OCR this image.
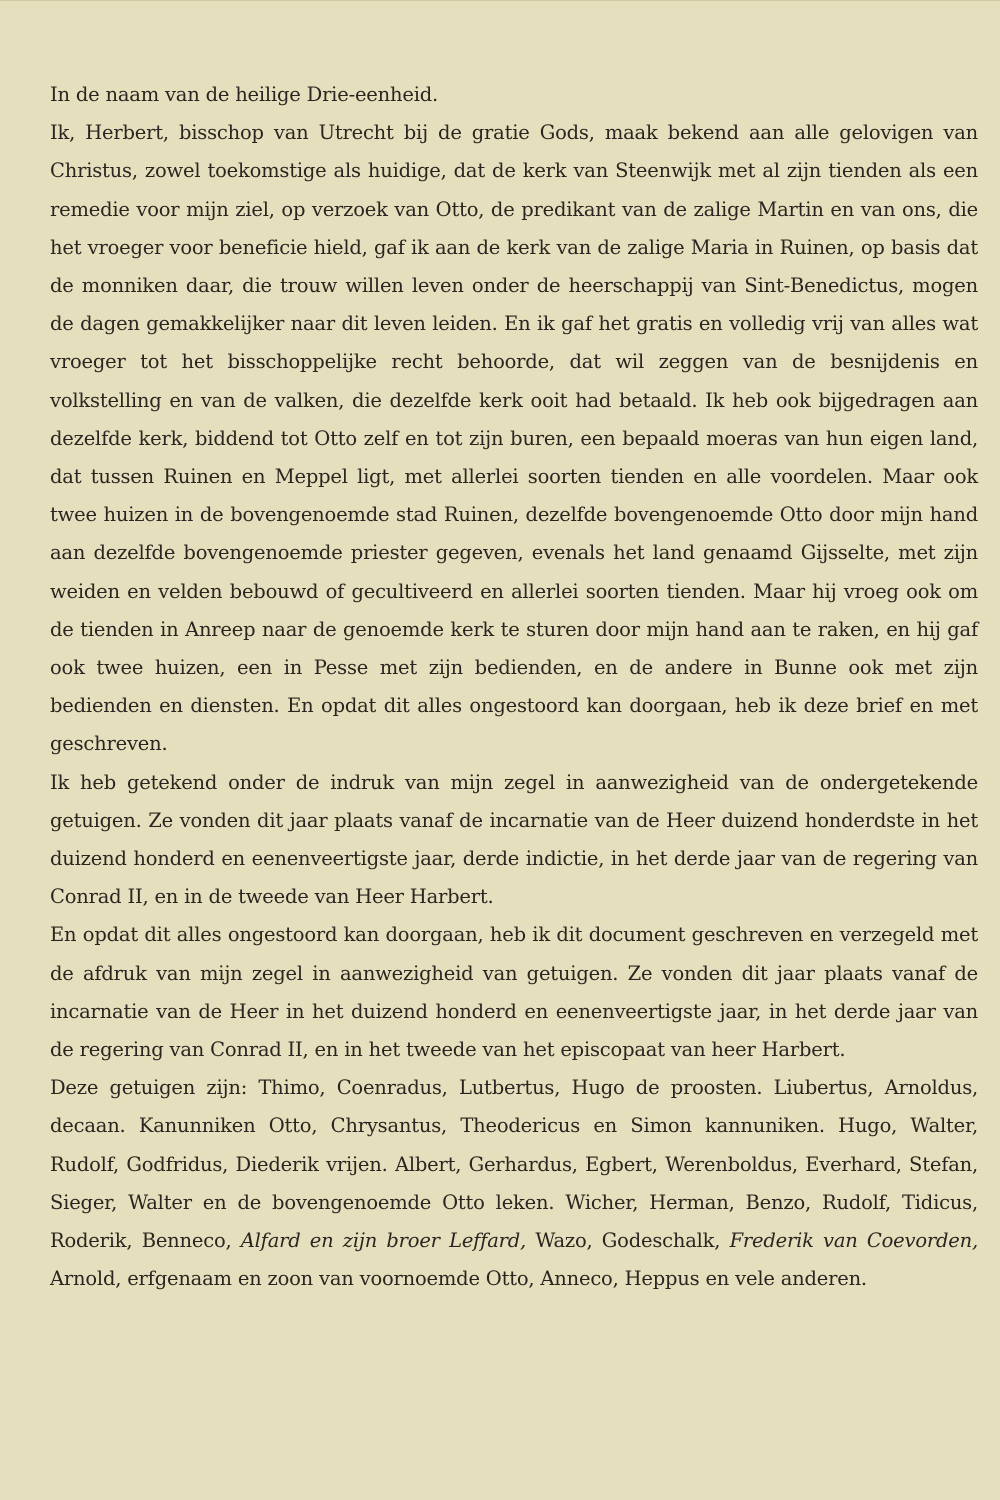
In de naam van de heilige Drie-eenheid.

Ik, Herbert, bisschop van Utrecht bij de gratie Gods, maak bekend aan alle gelovigen van Christus, zowel toekomstige als huidige, dat de kerk van Steenwijk met al zijn tienden als een remedie voor mijn ziel, op verzoek van Otto, de predikant van de zalige Martin en van ons, die het vroeger voor beneficie hield, gaf ik aan de kerk van de zalige Maria in Ruinen, op basis dat de monniken daar, die trouw willen leven onder de heerschappij van Sint-Benedictus, mogen de dagen gemakkelijker naar dit leven leiden. En ik gaf het gratis en volledig vrij van alles wat vroeger tot het bisschoppelijke recht behoorde, dat wil zeggen van de besnijdenis en volkstelling en van de valken, die dezelfde kerk ooit had betaald. Ik heb ook bijgedragen aan dezelfde kerk, biddend tot Otto zelf en tot zijn buren, een bepaald moeras van hun eigen land, dat tussen Ruinen en Meppel ligt, met allerlei soorten tienden en alle voordelen. Maar ook twee huizen in de bovengenoemde stad Ruinen, dezelfde bovengenoemde Otto door mijn hand aan dezelfde bovengenoemde priester gegeven, evenals het land genaamd Gijsselte, met zijn weiden en velden bebouwd of gecultiveerd en allerlei soorten tienden. Maar hij vroeg ook om de tienden in Anreep naar de genoemde kerk te sturen door mijn hand aan te raken, en hij gaf ook twee huizen, een in Pesse met zijn bedienden, en de andere in Bunne ook met zijn bedienden en diensten. En opdat dit alles ongestoord kan doorgaan, heb ik deze brief en met geschreven.

Ik heb getekend onder de indruk van mijn zegel in aanwezigheid van de ondergetekende getuigen. Ze vonden dit jaar plaats vanaf de incarnatie van de Heer duizend honderdste in het duizend honderd en eenenveertigste jaar, derde indictie, in het derde jaar van de regering van Conrad II, en in de tweede van Heer Harbert.

En opdat dit alles ongestoord kan doorgaan, heb ik dit document geschreven en verzegeld met de afdruk van mijn zegel in aanwezigheid van getuigen. Ze vonden dit jaar plaats vanaf de incarnatie van de Heer in het duizend honderd en eenenveertigste jaar, in het derde jaar van de regering van Conrad II, en in het tweede van het episcopaat van heer Harbert.

Deze getuigen zijn: Thimo, Coenradus, Lutbertus, Hugo de proosten. Liubertus, Arnoldus, decaan. Kanunniken Otto, Chrysantus, Theodericus en Simon kannuniken. Hugo, Walter, Rudolf, Godfridus, Diederik vrijen. Albert, Gerhardus, Egbert, Werenboldus, Everhard, Stefan, Sieger, Walter en de bovengenoemde Otto leken. Wicher, Herman, Benzo, Rudolf, Tidicus, Roderik, Benneco, Alfard en zijn broer Leffard, Wazo, Godeschalk, Frederik van Coevorden, Arnold, erfgenaam en zoon van voornoemde Otto, Anneco, Heppus en vele anderen.
